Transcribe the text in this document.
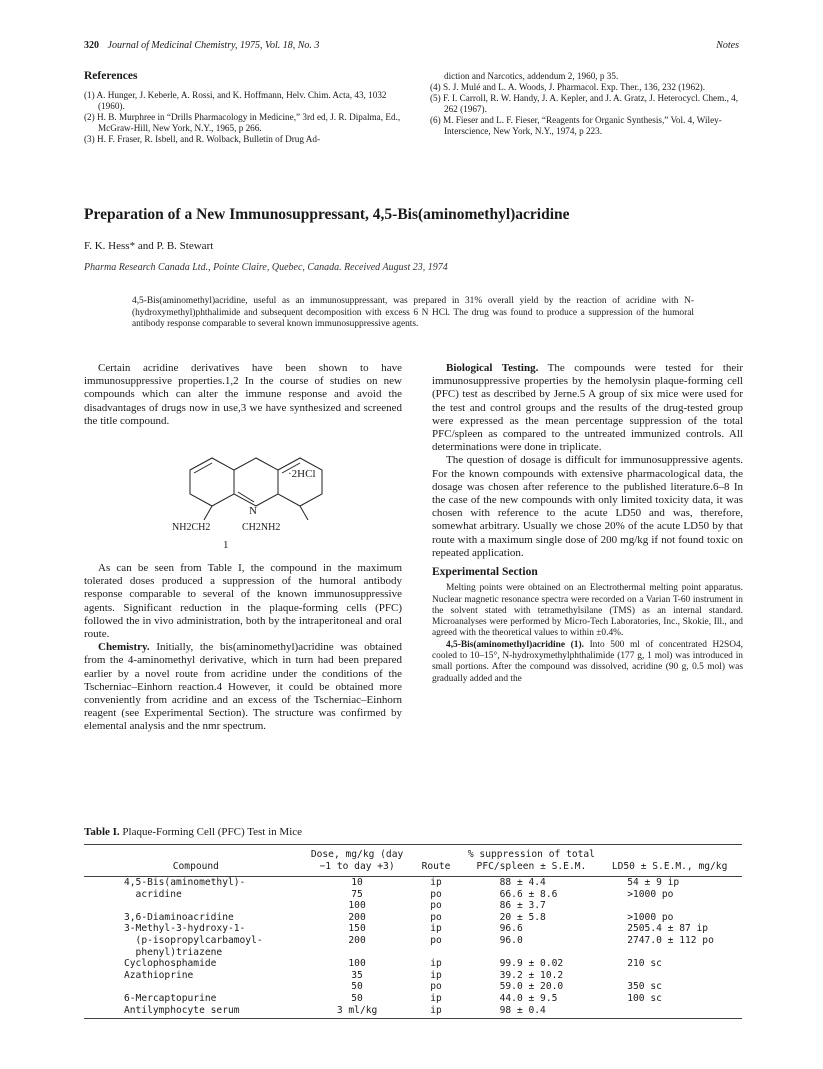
320 Journal of Medicinal Chemistry, 1975, Vol. 18, No. 3	Notes
References
(1) A. Hunger, J. Keberle, A. Rossi, and K. Hoffmann, Helv. Chim. Acta, 43, 1032 (1960).
(2) H. B. Murphree in “Drills Pharmacology in Medicine,” 3rd ed, J. R. Dipalma, Ed., McGraw-Hill, New York, N.Y., 1965, p 266.
(3) H. F. Fraser, R. Isbell, and R. Wolback, Bulletin of Drug Ad-
diction and Narcotics, addendum 2, 1960, p 35.
(4) S. J. Mulé and L. A. Woods, J. Pharmacol. Exp. Ther., 136, 232 (1962).
(5) F. I. Carroll, R. W. Handy, J. A. Kepler, and J. A. Gratz, J. Heterocycl. Chem., 4, 262 (1967).
(6) M. Fieser and L. F. Fieser, “Reagents for Organic Synthesis,” Vol. 4, Wiley-Interscience, New York, N.Y., 1974, p 223.
Preparation of a New Immunosuppressant, 4,5-Bis(aminomethyl)acridine
F. K. Hess* and P. B. Stewart
Pharma Research Canada Ltd., Pointe Claire, Quebec, Canada. Received August 23, 1974
4,5-Bis(aminomethyl)acridine, useful as an immunosuppressant, was prepared in 31% overall yield by the reaction of acridine with N-(hydroxymethyl)phthalimide and subsequent decomposition with excess 6 N HCl. The drug was found to produce a suppression of the humoral antibody response comparable to several known immunosuppressive agents.

Certain acridine derivatives have been shown to have immunosuppressive properties.1,2 In the course of studies on new compounds which can alter the immune response and avoid the disadvantages of drugs now in use,3 we have synthesized and screened the title compound.

N
·2HCl
NH2CH2	CH2NH2
1

As can be seen from Table I, the compound in the maximum tolerated doses produced a suppression of the humoral antibody response comparable to several of the known immunosuppressive agents. Significant reduction in the plaque-forming cells (PFC) followed the in vivo administration, both by the intraperitoneal and oral route.

Chemistry. Initially, the bis(aminomethyl)acridine was obtained from the 4-aminomethyl derivative, which in turn had been prepared earlier by a novel route from acridine under the conditions of the Tscherniac–Einhorn reaction.4 However, it could be obtained more conveniently from acridine and an excess of the Tscherniac–Einhorn reagent (see Experimental Section). The structure was confirmed by elemental analysis and the nmr spectrum.

Biological Testing. The compounds were tested for their immunosuppressive properties by the hemolysin plaque-forming cell (PFC) test as described by Jerne.5 A group of six mice were used for the test and control groups and the results of the drug-tested group were expressed as the mean percentage suppression of the total PFC/spleen as compared to the untreated immunized controls. All determinations were done in triplicate.

The question of dosage is difficult for immunosuppressive agents. For the known compounds with extensive pharmacological data, the dosage was chosen after reference to the published literature.6–8 In the case of the new compounds with only limited toxicity data, it was chosen with reference to the acute LD50 and was, therefore, somewhat arbitrary. Usually we chose 20% of the acute LD50 by that route with a maximum single dose of 200 mg/kg if not found toxic on repeated application.

Experimental Section

Melting points were obtained on an Electrothermal melting point apparatus. Nuclear magnetic resonance spectra were recorded on a Varian T-60 instrument in the solvent stated with tetramethylsilane (TMS) as an internal standard. Microanalyses were performed by Micro-Tech Laboratories, Inc., Skokie, Ill., and agreed with the theoretical values to within ±0.4%.

4,5-Bis(aminomethyl)acridine (1). Into 500 ml of concentrated H2SO4, cooled to 10–15°, N-hydroxymethylphthalimide (177 g, 1 mol) was introduced in small portions. After the compound was dissolved, acridine (90 g, 0.5 mol) was gradually added and the

Table I. Plaque-Forming Cell (PFC) Test in Mice
Compound	Dose, mg/kg (day −1 to day +3)	Route	% suppression of total PFC/spleen ± S.E.M.	LD50 ± S.E.M., mg/kg
4,5-Bis(aminomethyl)-	10	ip	88 ± 4.4	54 ± 9 ip
acridine	75	po	66.6 ± 8.6	>1000 po
	100	po	86 ± 3.7	
3,6-Diaminoacridine	200	po	20 ± 5.8	>1000 po
3-Methyl-3-hydroxy-1-	150	ip	96.6	2505.4 ± 87 ip
(p-isopropylcarbamoyl-	200	po	96.0	2747.0 ± 112 po
phenyl)triazene				
Cyclophosphamide	100	ip	99.9 ± 0.02	210 sc
Azathioprine	35	ip	39.2 ± 10.2	
	50	po	59.0 ± 20.0	350 sc
6-Mercaptopurine	50	ip	44.0 ± 9.5	100 sc
Antilymphocyte serum	3 ml/kg	ip	98 ± 0.4	
